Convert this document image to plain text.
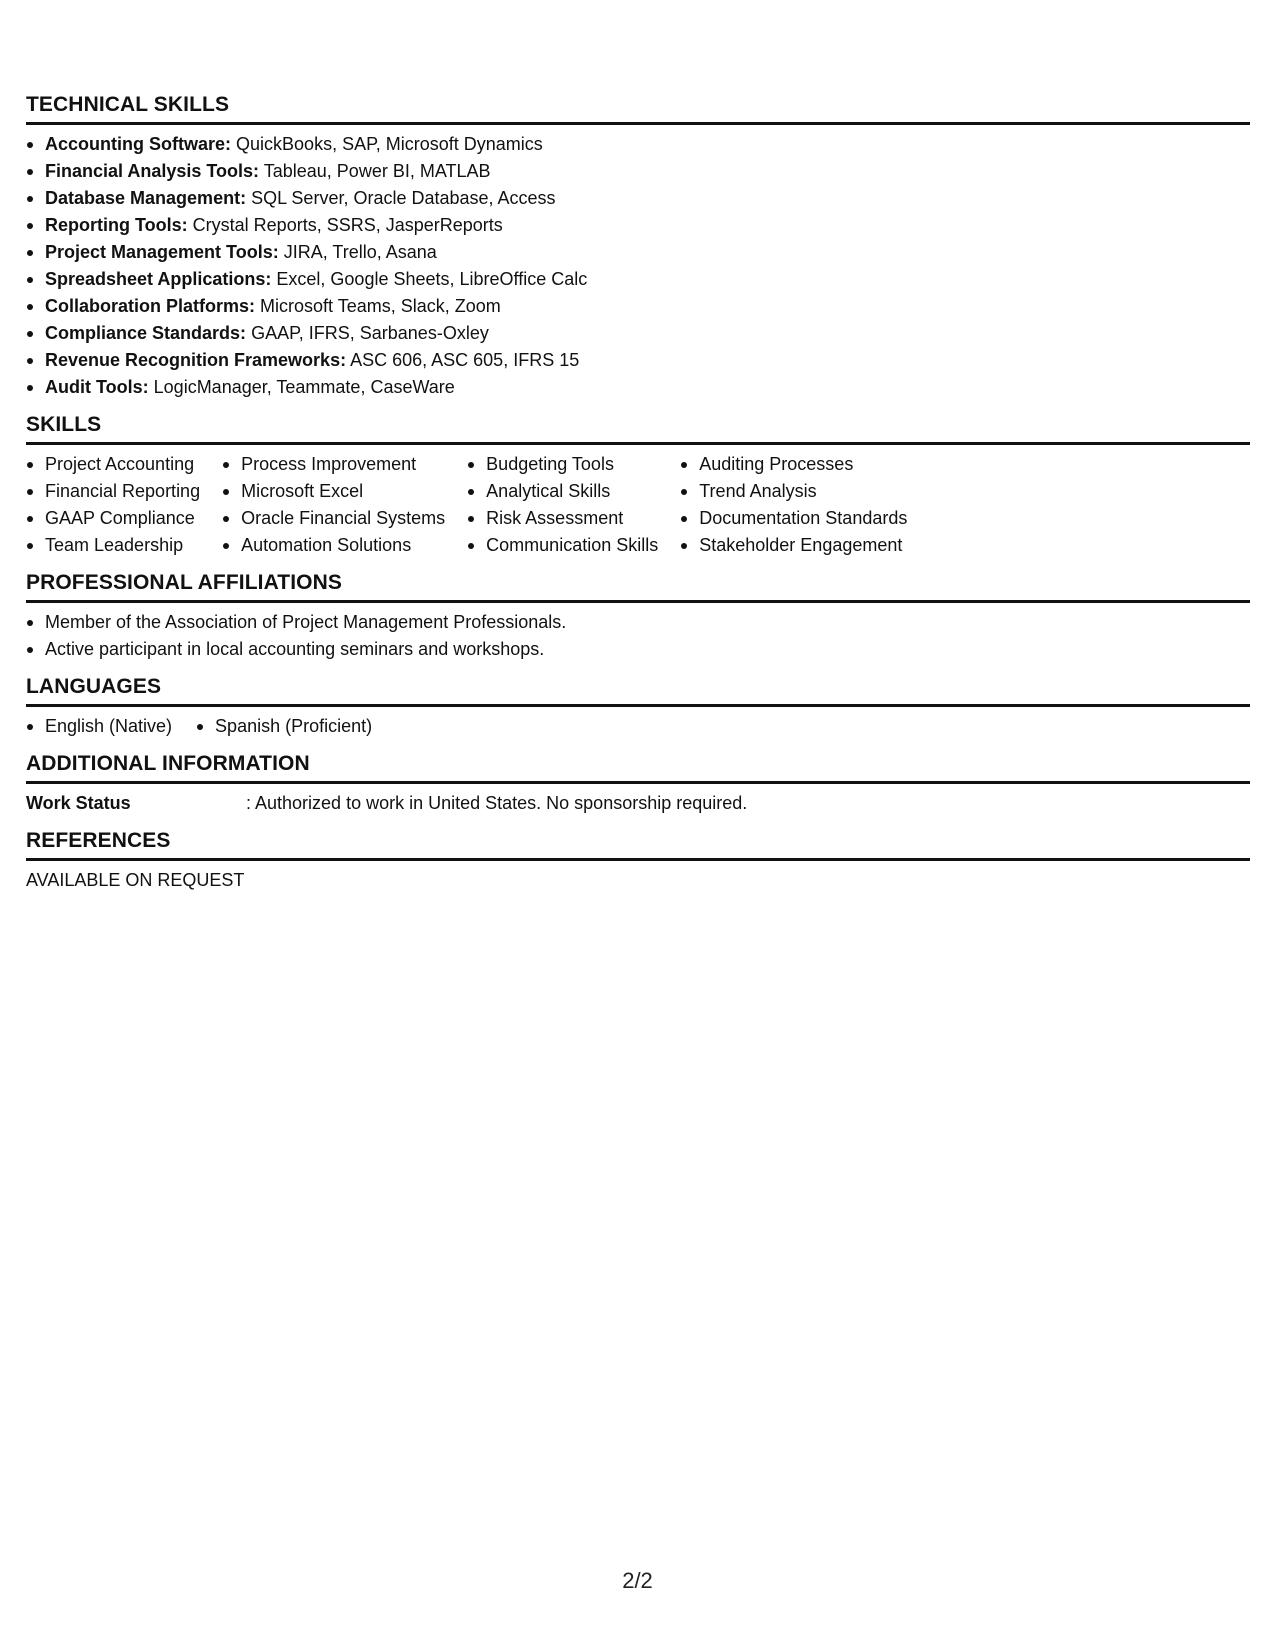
TECHNICAL SKILLS
Accounting Software: QuickBooks, SAP, Microsoft Dynamics
Financial Analysis Tools: Tableau, Power BI, MATLAB
Database Management: SQL Server, Oracle Database, Access
Reporting Tools: Crystal Reports, SSRS, JasperReports
Project Management Tools: JIRA, Trello, Asana
Spreadsheet Applications: Excel, Google Sheets, LibreOffice Calc
Collaboration Platforms: Microsoft Teams, Slack, Zoom
Compliance Standards: GAAP, IFRS, Sarbanes-Oxley
Revenue Recognition Frameworks: ASC 606, ASC 605, IFRS 15
Audit Tools: LogicManager, Teammate, CaseWare
SKILLS
Project Accounting
Financial Reporting
GAAP Compliance
Team Leadership
Process Improvement
Microsoft Excel
Oracle Financial Systems
Automation Solutions
Budgeting Tools
Analytical Skills
Risk Assessment
Communication Skills
Auditing Processes
Trend Analysis
Documentation Standards
Stakeholder Engagement
PROFESSIONAL AFFILIATIONS
Member of the Association of Project Management Professionals.
Active participant in local accounting seminars and workshops.
LANGUAGES
English (Native)	Spanish (Proficient)
ADDITIONAL INFORMATION
Work Status	: Authorized to work in United States. No sponsorship required.
REFERENCES
AVAILABLE ON REQUEST
2/2
